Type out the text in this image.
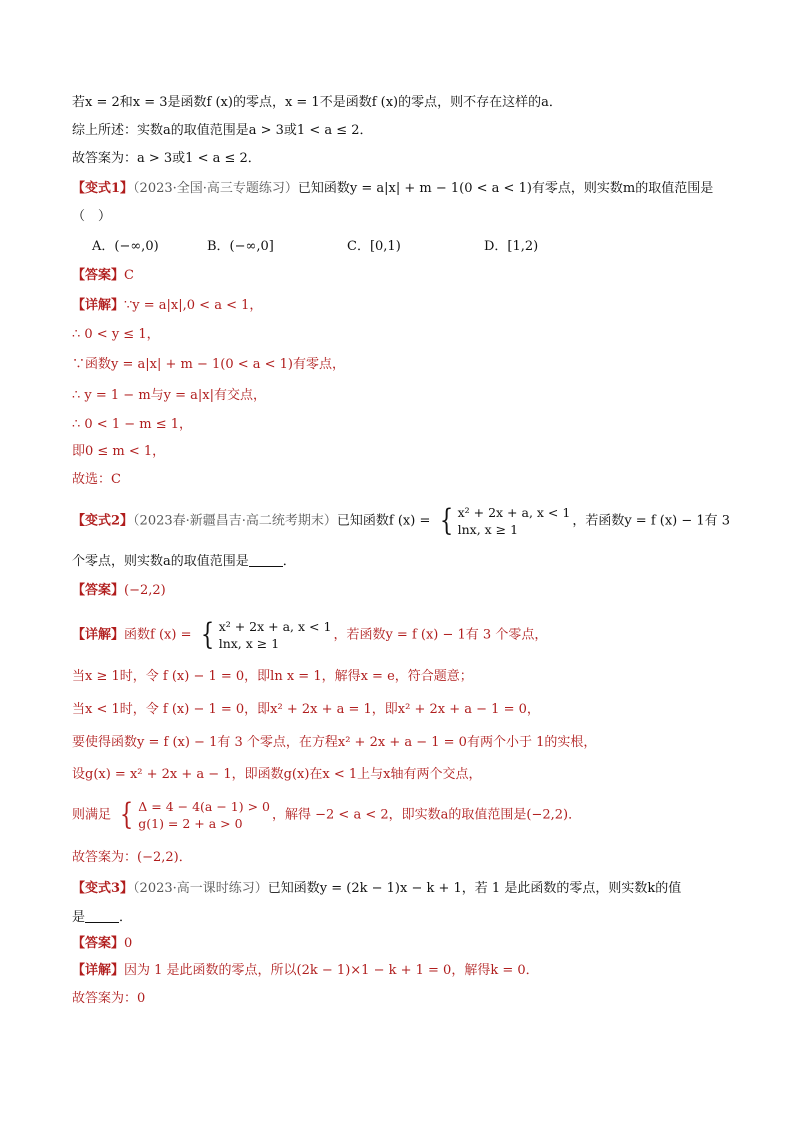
若x = 2和x = 3是函数f (x)的零点，x = 1不是函数f (x)的零点，则不存在这样的a．
综上所述：实数a的取值范围是a > 3或1 < a ≤ 2．
故答案为：a > 3或1 < a ≤ 2．
【变式1】（2023·全国·高三专题练习）已知函数y = a|x| + m − 1(0 < a < 1)有零点，则实数m的取值范围是
（　）
A．(−∞,0)	B．(−∞,0]	C．[0,1)	D．[1,2)
【答案】C
【详解】∵y = a|x|,0 < a < 1，
∴ 0 < y ≤ 1，
∵函数y = a|x| + m − 1(0 < a < 1)有零点，
∴ y = 1 − m与y = a|x|有交点，
∴ 0 < 1 − m ≤ 1，
即0 ≤ m < 1，
故选：C
【变式2】（2023春·新疆昌吉·高二统考期末）已知函数f (x) = { x² + 2x + a, x < 1
lnx, x ≥ 1
，若函数y = f (x) − 1有 3
个零点，则实数a的取值范围是	．
【答案】(−2,2)
【详解】函数f (x) = { x² + 2x + a, x < 1
lnx, x ≥ 1
，若函数y = f (x) − 1有 3 个零点，
当x ≥ 1时，令 f (x) − 1 = 0，即ln x = 1，解得x = e，符合题意；
当x < 1时，令 f (x) − 1 = 0，即x² + 2x + a = 1，即x² + 2x + a − 1 = 0，
要使得函数y = f (x) − 1有 3 个零点，在方程x² + 2x + a − 1 = 0有两个小于 1的实根，
设g(x) = x² + 2x + a − 1，即函数g(x)在x < 1上与x轴有两个交点，
则满足 { Δ = 4 − 4(a − 1) > 0
g(1) = 2 + a > 0
，解得 −2 < a < 2，即实数a的取值范围是(−2,2)．
故答案为：(−2,2)．
【变式3】（2023·高一课时练习）已知函数y = (2k − 1)x − k + 1，若 1 是此函数的零点，则实数k的值
是	．
【答案】0
【详解】因为 1 是此函数的零点，所以(2k − 1)×1 − k + 1 = 0，解得k = 0．
故答案为：0
